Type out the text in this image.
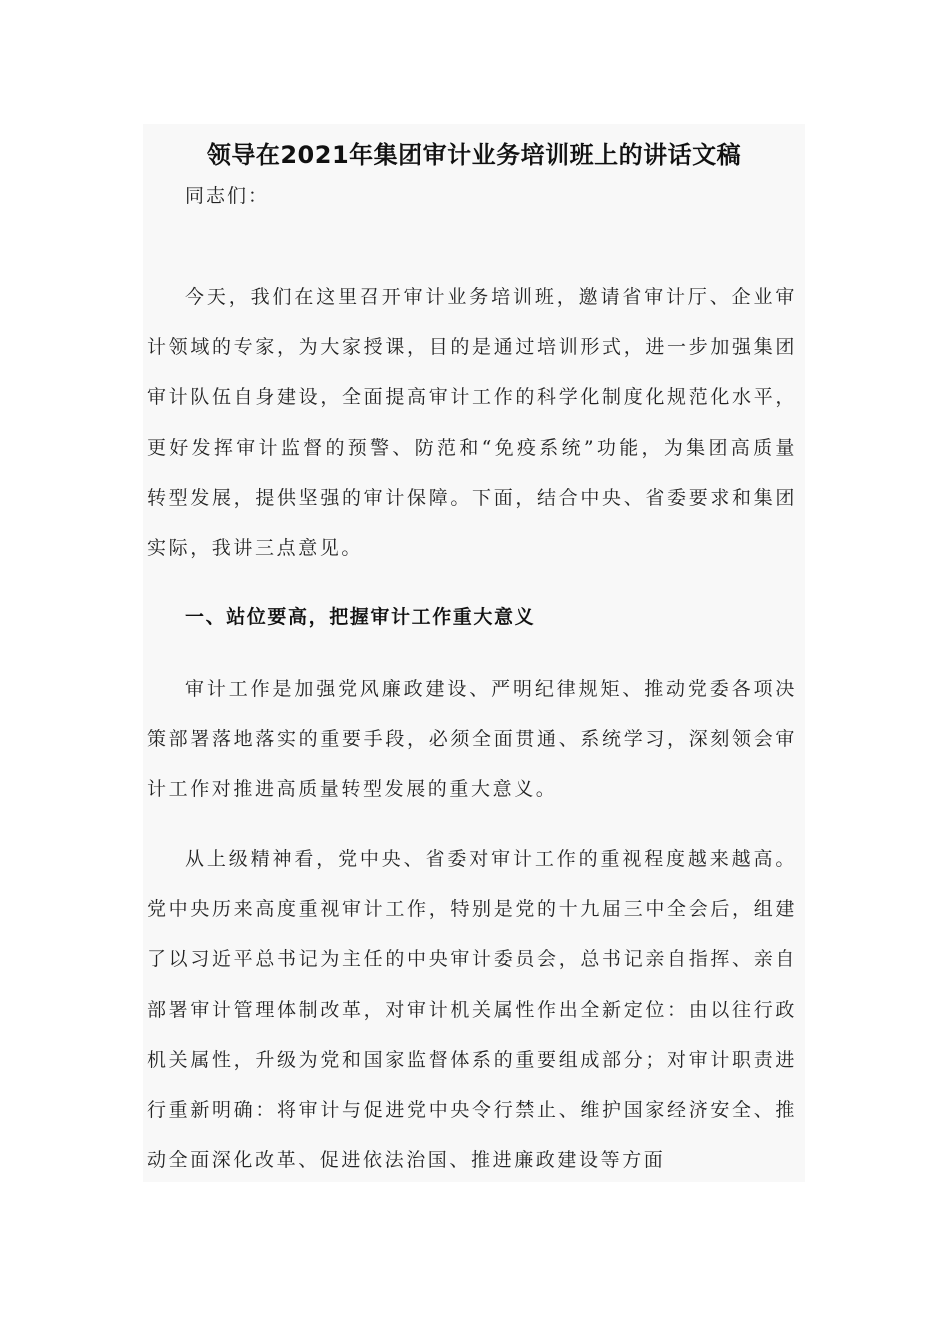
领导在2021年集团审计业务培训班上的讲话文稿

同志们：

今天，我们在这里召开审计业务培训班，邀请省审计厅、企业审计领域的专家，为大家授课，目的是通过培训形式，进一步加强集团审计队伍自身建设，全面提高审计工作的科学化制度化规范化水平，更好发挥审计监督的预警、防范和“免疫系统”功能，为集团高质量转型发展，提供坚强的审计保障。下面，结合中央、省委要求和集团实际，我讲三点意见。

一、站位要高，把握审计工作重大意义

审计工作是加强党风廉政建设、严明纪律规矩、推动党委各项决策部署落地落实的重要手段，必须全面贯通、系统学习，深刻领会审计工作对推进高质量转型发展的重大意义。

从上级精神看，党中央、省委对审计工作的重视程度越来越高。党中央历来高度重视审计工作，特别是党的十九届三中全会后，组建了以习近平总书记为主任的中央审计委员会，总书记亲自指挥、亲自部署审计管理体制改革，对审计机关属性作出全新定位：由以往行政机关属性，升级为党和国家监督体系的重要组成部分；对审计职责进行重新明确：将审计与促进党中央令行禁止、维护国家经济安全、推动全面深化改革、促进依法治国、推进廉政建设等方面
